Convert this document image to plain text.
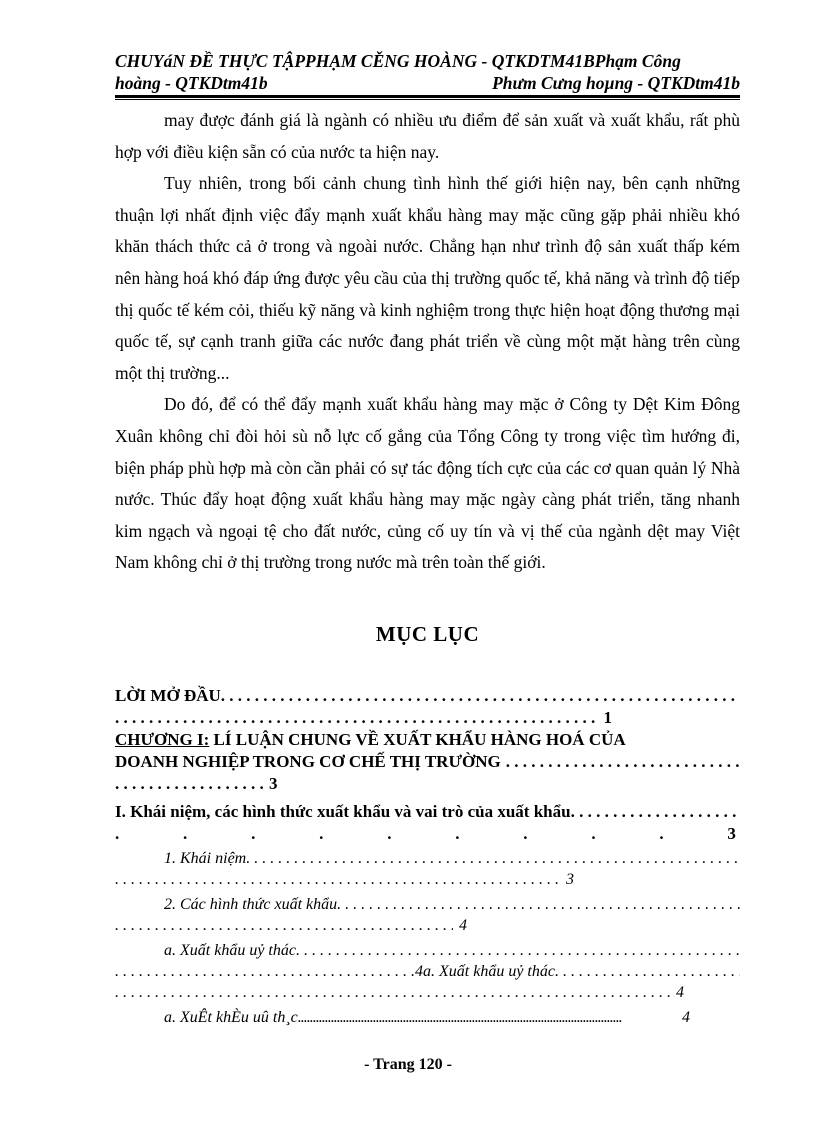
CHUYáN ĐỀ THỰC TẬPPHẠM CĚNG HOÀNG - QTKDTM41BPhạm Công
hoàng - QTKDtm41b	Phưm Cưng hoµng - QTKDtm41b

may được đánh giá là ngành có nhiều ưu điểm để sản xuất và xuất khẩu, rất phù hợp với điều kiện sẵn có của nước ta hiện nay.

Tuy nhiên, trong bối cảnh chung tình hình thế giới hiện nay, bên cạnh những thuận lợi nhất định việc đẩy mạnh xuất khẩu hàng may mặc cũng gặp phải nhiều khó khăn thách thức cả ở trong và ngoài nước. Chẳng hạn như trình độ sản xuất thấp kém nên hàng hoá khó đáp ứng được yêu cầu của thị trường quốc tế, khả năng và trình độ tiếp thị quốc tế kém cỏi, thiếu kỹ năng và kinh nghiệm trong thực hiện hoạt động thương mại quốc tế, sự cạnh tranh giữa các nước đang phát triển về cùng một mặt hàng trên cùng một thị trường...

Do đó, để có thể đẩy mạnh xuất khẩu hàng may mặc ở Công ty Dệt Kim Đông Xuân không chỉ đòi hỏi sù nỗ lực cố gắng của Tổng Công ty trong việc tìm hướng đi, biện pháp phù hợp mà còn cần phải có sự tác động tích cực của các cơ quan quản lý Nhà nước. Thúc đẩy hoạt động xuất khẩu hàng may mặc ngày càng phát triển, tăng nhanh kim ngạch và ngoại tệ cho đất nước, củng cố uy tín và vị thế của ngành dệt may Việt Nam không chỉ ở thị trường trong nước mà trên toàn thế giới.

MỤC LỤC
LỜI MỞ ĐẦU
. . .
. . .
1
CHƯƠNG I: LÍ LUẬN CHUNG VỀ XUẤT KHẨU HÀNG HOÁ CỦA
DOANH NGHIỆP TRONG CƠ CHẾ THỊ TRƯỜNG
. . .
. . .
3
I. Khái niệm, các hình thức xuất khẩu và vai trò của xuất khẩu
. . .
.	.	.	.	.	.	.	.	.	3
1. Khái niệm
. . .
. . .
3
2. Các hình thức xuất khẩu
. . .
. . .
4
a. Xuất khẩu uỷ thác
. . .
. . .
4a. Xuất khẩu uỷ thác
. . .
. . .
4
a. XuÊt khÈu uû th¸c
. . .	4
- Trang 120 -
